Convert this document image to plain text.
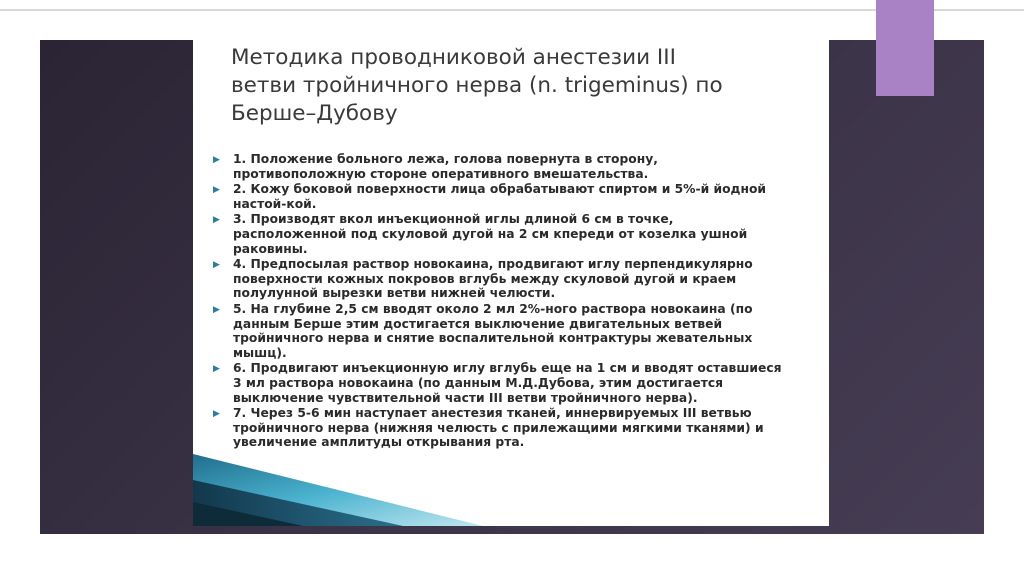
Методика проводниковой анестезии III
ветви тройничного нерва (n. trigeminus) по
Берше–Дубову
▶ 1. Положение больного лежа, голова повернута в сторону,
противоположную стороне оперативного вмешательства.
▶ 2. Кожу боковой поверхности лица обрабатывают спиртом и 5%-й йодной
настой-кой.
▶ 3. Производят вкол инъекционной иглы длиной 6 см в точке,
расположенной под скуловой дугой на 2 см кпереди от козелка ушной
раковины.
▶ 4. Предпосылая раствор новокаина, продвигают иглу перпендикулярно
поверхности кожных покровов вглубь между скуловой дугой и краем
полулунной вырезки ветви нижней челюсти.
▶ 5. На глубине 2,5 см вводят около 2 мл 2%-ного раствора новокаина (по
данным Берше этим достигается выключение двигательных ветвей
тройничного нерва и снятие воспалительной контрактуры жевательных
мышц).
▶ 6. Продвигают инъекционную иглу вглубь еще на 1 см и вводят оставшиеся
3 мл раствора новокаина (по данным М.Д.Дубова, этим достигается
выключение чувствительной части III ветви тройничного нерва).
▶ 7. Через 5-6 мин наступает анестезия тканей, иннервируемых III ветвью
тройничного нерва (нижняя челюсть с прилежащими мягкими тканями) и
увеличение амплитуды открывания рта.
